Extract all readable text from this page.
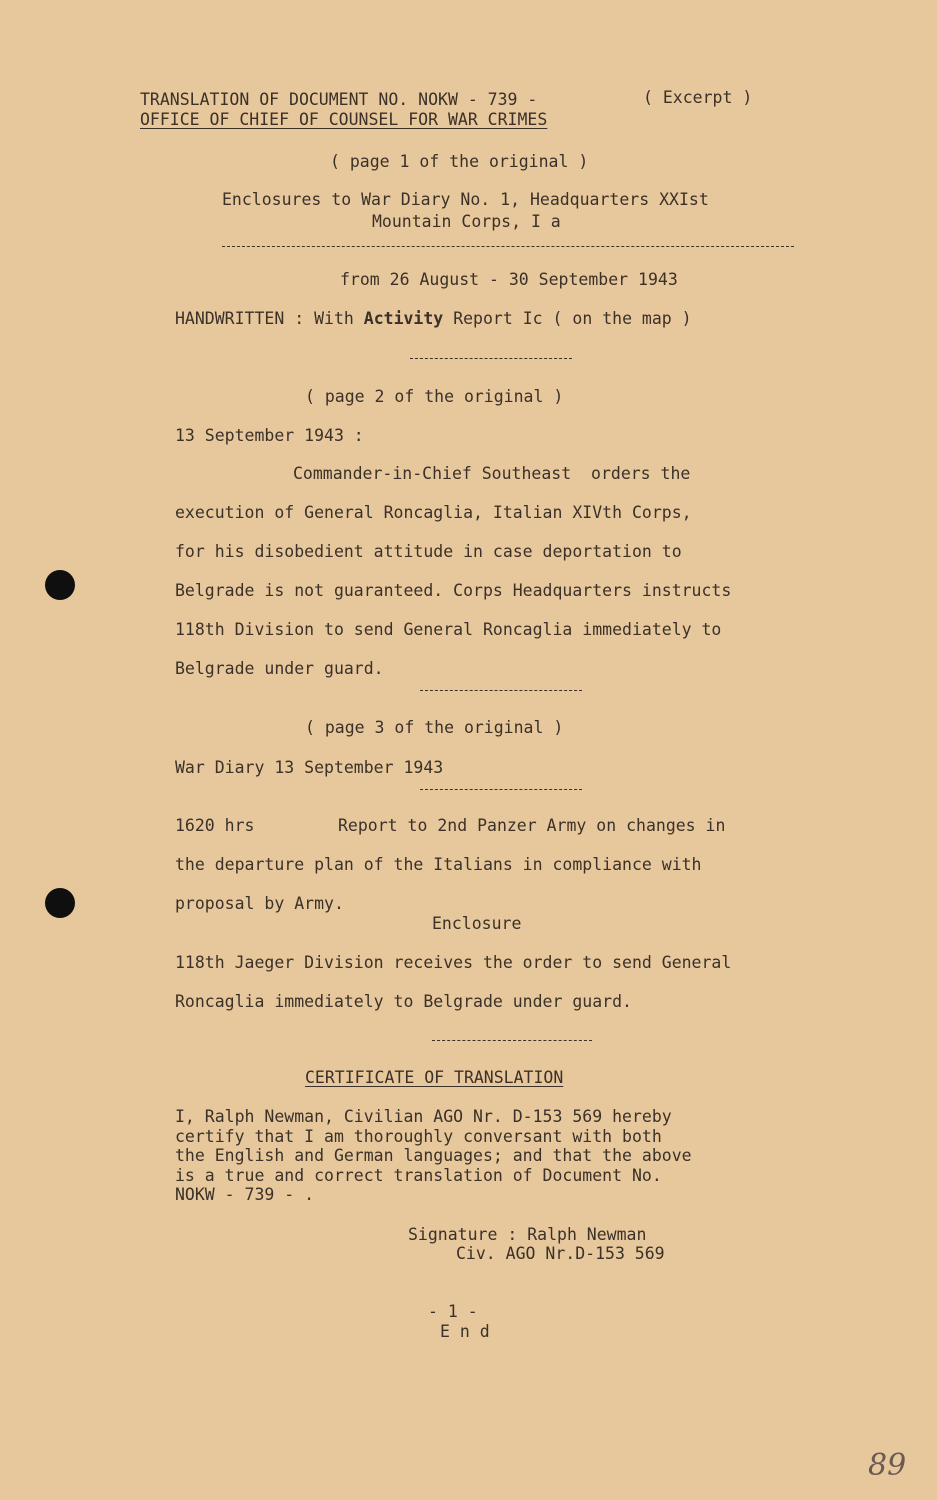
TRANSLATION OF DOCUMENT NO. NOKW - 739 -	( Excerpt )
OFFICE OF CHIEF OF COUNSEL FOR WAR CRIMES
( page 1 of the original )
Enclosures to War Diary No. 1, Headquarters XXIst
Mountain Corps, I a
from 26 August - 30 September 1943
HANDWRITTEN : With Activity Report Ic ( on the map )
( page 2 of the original )
13 September 1943 :
Commander-in-Chief Southeast  orders the
execution of General Roncaglia, Italian XIVth Corps,
for his disobedient attitude in case deportation to
Belgrade is not guaranteed. Corps Headquarters instructs
118th Division to send General Roncaglia immediately to
Belgrade under guard.
( page 3 of the original )
War Diary 13 September 1943
1620 hrs	Report to 2nd Panzer Army on changes in
the departure plan of the Italians in compliance with
proposal by Army.
Enclosure
118th Jaeger Division receives the order to send General
Roncaglia immediately to Belgrade under guard.
CERTIFICATE OF TRANSLATION
I, Ralph Newman, Civilian AGO Nr. D-153 569 hereby
certify that I am thoroughly conversant with both
the English and German languages; and that the above
is a true and correct translation of Document No.
NOKW - 739 - .
Signature : Ralph Newman
Civ. AGO Nr.D-153 569
- 1 -
E n d
89
